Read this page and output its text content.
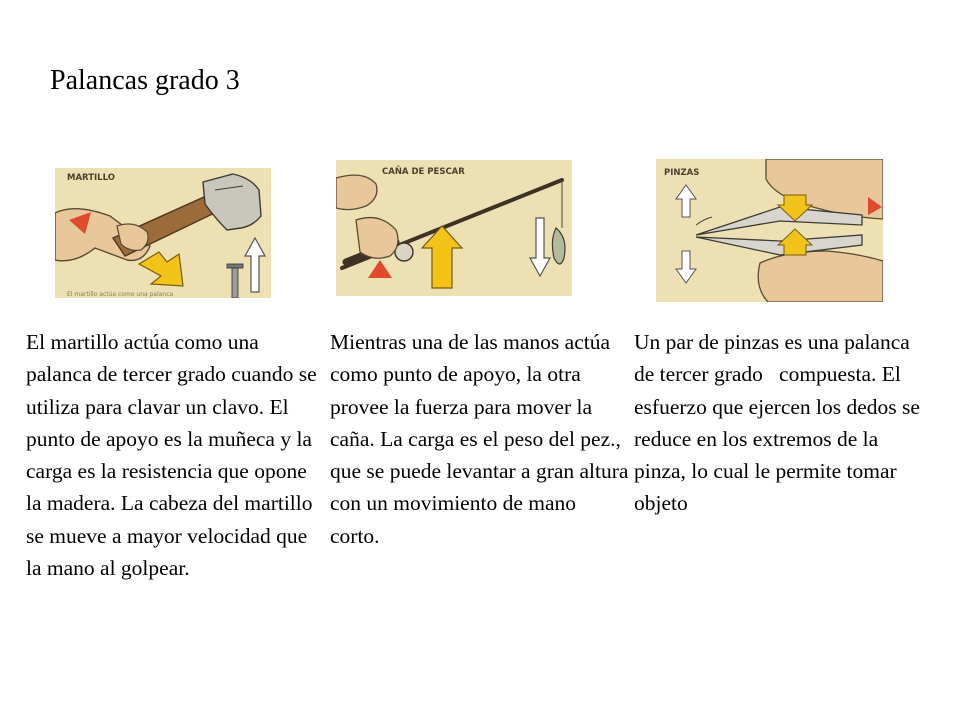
Palancas grado 3
MARTILLO
El martillo actúa como una palanca
CAÑA DE PESCAR	PINZAS
El martillo actúa como una palanca de tercer grado cuando se utiliza para clavar un clavo. El punto de apoyo es la muñeca y la carga es la resistencia que opone la madera. La cabeza del martillo se mueve a mayor velocidad que la mano al golpear.
Mientras una de las manos actúa como punto de apoyo, la otra provee la fuerza para mover la caña. La carga es el peso del pez., que se puede levantar a gran altura con un movimiento de mano corto.
Un par de pinzas es una palanca de tercer grado   compuesta. El esfuerzo que ejercen los dedos se reduce en los extremos de la pinza, lo cual le permite tomar objeto
